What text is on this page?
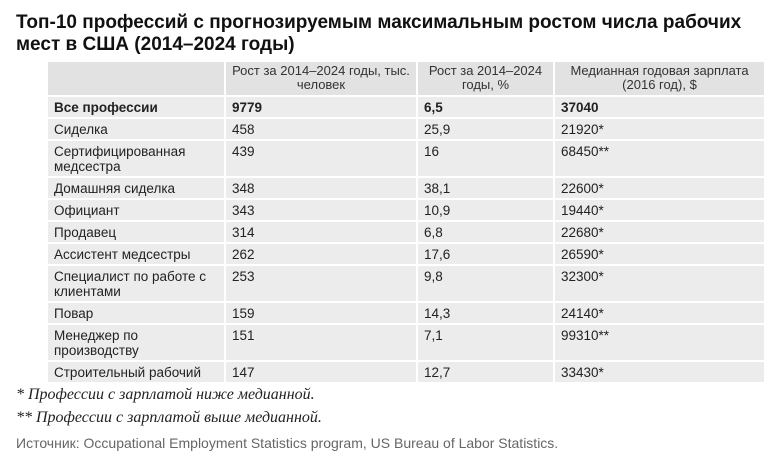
Топ-10 профессий с прогнозируемым максимальным ростом числа рабочих мест в США (2014–2024 годы)
	Рост за 2014–2024 годы, тыс. человек	Рост за 2014–2024 годы, %	Медианная годовая зарплата (2016 год), $
Все профессии	9779	6,5	37040
Сиделка	458	25,9	21920*
Сертифицированная медсестра	439	16	68450**
Домашняя сиделка	348	38,1	22600*
Официант	343	10,9	19440*
Продавец	314	6,8	22680*
Ассистент медсестры	262	17,6	26590*
Специалист по работе с клиентами	253	9,8	32300*
Повар	159	14,3	24140*
Менеджер по производству	151	7,1	99310**
Строительный рабочий	147	12,7	33430*
* Профессии с зарплатой ниже медианной.
** Профессии с зарплатой выше медианной.
Источник: Occupational Employment Statistics program, US Bureau of Labor Statistics.
